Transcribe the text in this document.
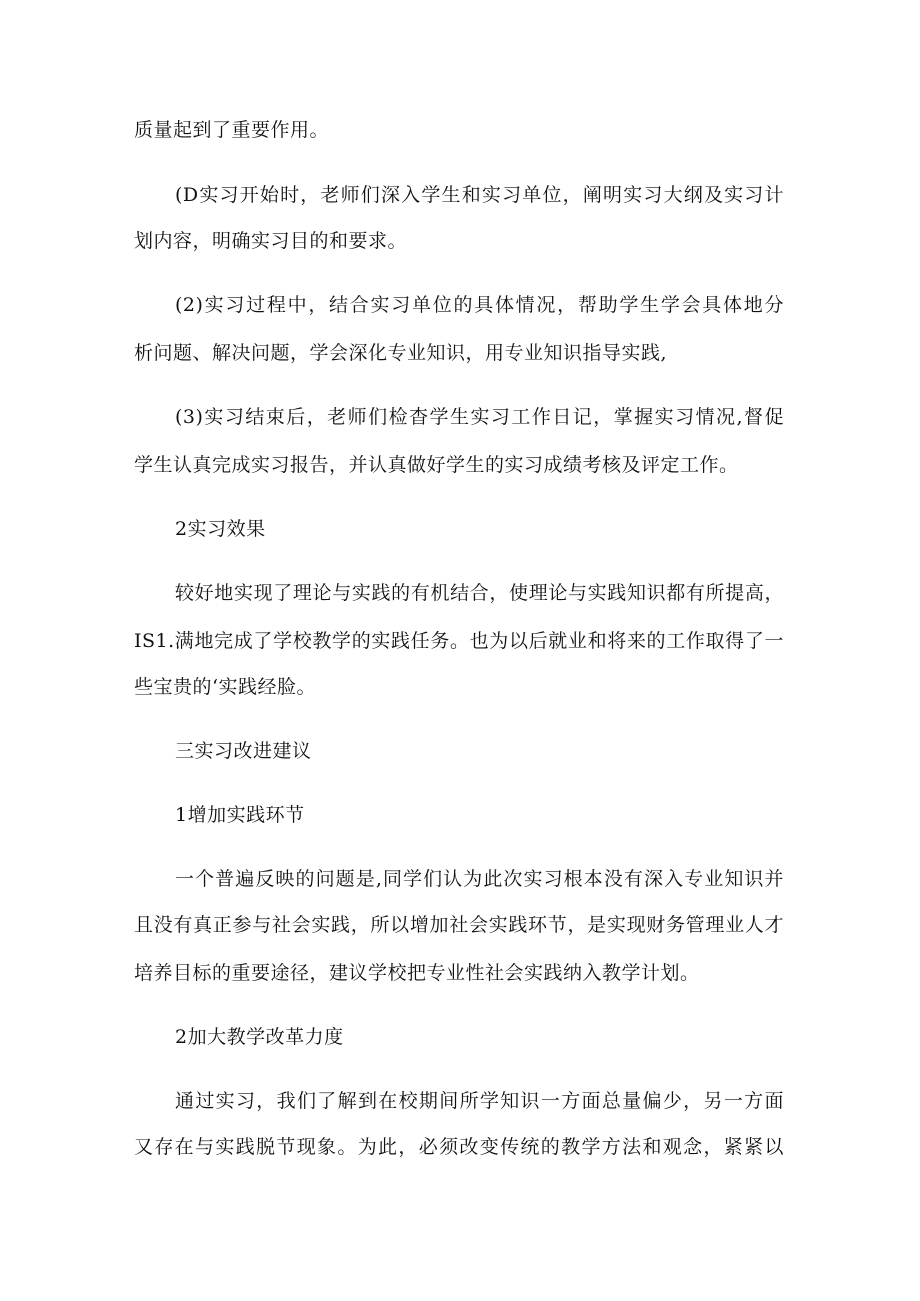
质量起到了重要作用。
(D实习开始时，老师们深入学生和实习单位，阐明实习大纲及实习计
划内容，明确实习目的和要求。
(2)实习过程中，结合实习单位的具体情况，帮助学生学会具体地分
析问题、解决问题，学会深化专业知识，用专业知识指导实践,
(3)实习结束后，老师们检杳学生实习工作日记，掌握实习情况,督促
学生认真完成实习报告，并认真做好学生的实习成绩考核及评定工作。
2实习效果
较好地实现了理论与实践的有机结合，使理论与实践知识都有所提高，
IS1.满地完成了学校教学的实践任务。也为以后就业和将来的工作取得了一
些宝贵的‘实践经脸。
三实习改进建议
1增加实践环节
一个普遍反映的问题是,同学们认为此次实习根本没有深入专业知识并
且没有真正参与社会实践，所以增加社会实践环节，是实现财务管理业人才
培养目标的重要途径，建议学校把专业性社会实践纳入教学计划。
2加大教学改革力度
通过实习，我们了解到在校期间所学知识一方面总量偏少，另一方面
又存在与实践脱节现象。为此，必须改变传统的教学方法和观念，紧紧以
